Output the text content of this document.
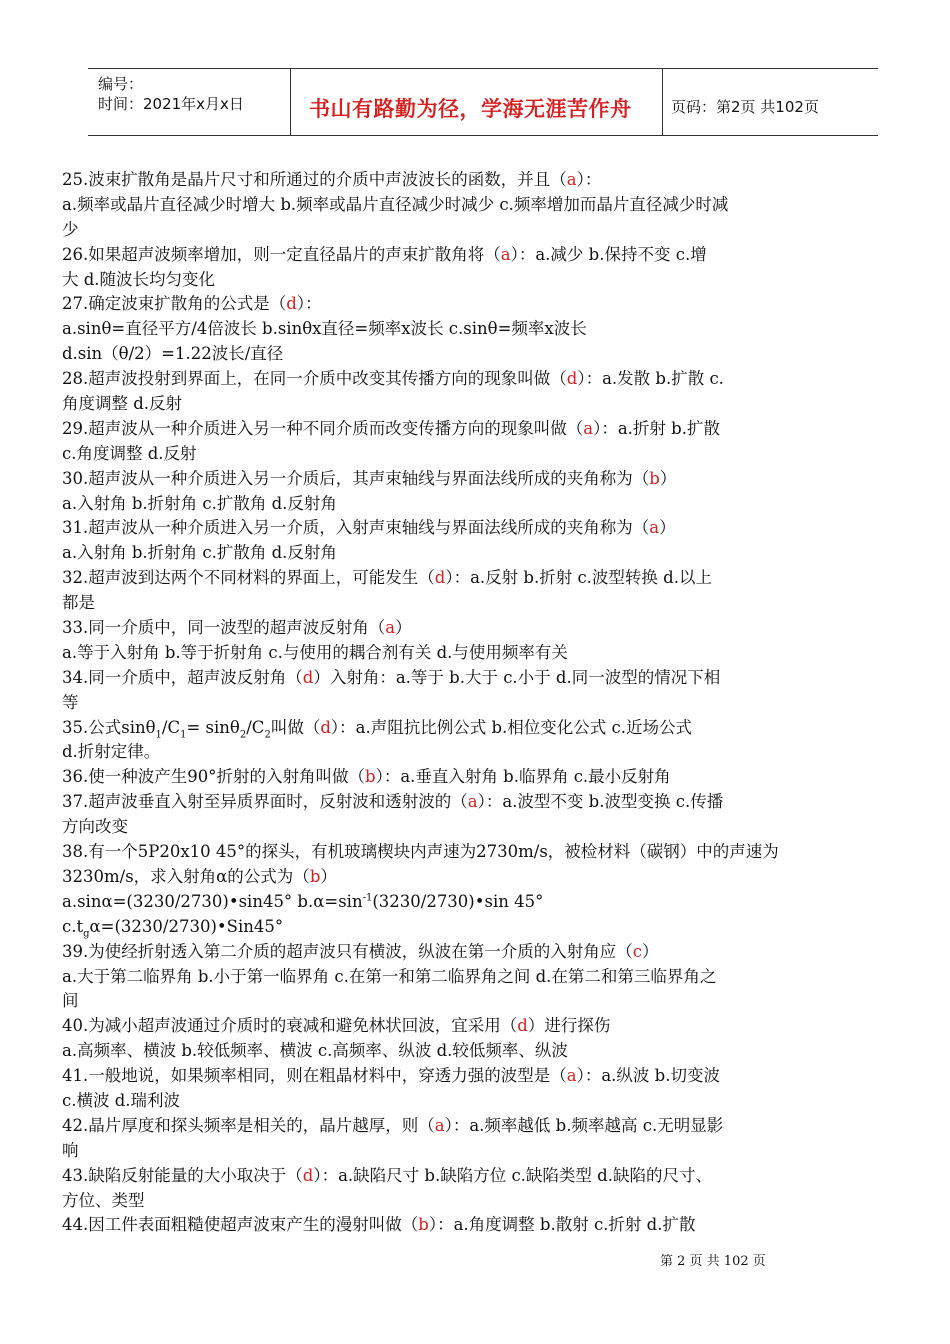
编号：
时间：2021年x月x日	书山有路勤为径，学海无涯苦作舟	页码：第2页 共102页
25.波束扩散角是晶片尺寸和所通过的介质中声波波长的函数，并且（a）：
a.频率或晶片直径减少时增大 b.频率或晶片直径减少时减少 c.频率增加而晶片直径减少时减
少
26.如果超声波频率增加，则一定直径晶片的声束扩散角将（a）：a.减少 b.保持不变 c.增
大 d.随波长均匀变化
27.确定波束扩散角的公式是（d）：
a.sinθ=直径平方/4倍波长 b.sinθx直径=频率x波长 c.sinθ=频率x波长
d.sin（θ/2）=1.22波长/直径
28.超声波投射到界面上，在同一介质中改变其传播方向的现象叫做（d）：a.发散 b.扩散 c.
角度调整 d.反射
29.超声波从一种介质进入另一种不同介质而改变传播方向的现象叫做（a）：a.折射 b.扩散
c.角度调整 d.反射
30.超声波从一种介质进入另一介质后，其声束轴线与界面法线所成的夹角称为（b）
a.入射角 b.折射角 c.扩散角 d.反射角
31.超声波从一种介质进入另一介质，入射声束轴线与界面法线所成的夹角称为（a）
a.入射角 b.折射角 c.扩散角 d.反射角
32.超声波到达两个不同材料的界面上，可能发生（d）：a.反射 b.折射 c.波型转换 d.以上
都是
33.同一介质中，同一波型的超声波反射角（a）
a.等于入射角 b.等于折射角 c.与使用的耦合剂有关 d.与使用频率有关
34.同一介质中，超声波反射角（d）入射角：a.等于 b.大于 c.小于 d.同一波型的情况下相
等
35.公式$\sin\theta_1/C_1= \sin\theta_2/C_2$叫做（d）：a.声阻抗比例公式 b.相位变化公式 c.近场公式
d.折射定律。
36.使一种波产生90°折射的入射角叫做（b）：a.垂直入射角 b.临界角 c.最小反射角
37.超声波垂直入射至异质界面时，反射波和透射波的（a）：a.波型不变 b.波型变换 c.传播
方向改变
38.有一个5P20x10 45°的探头，有机玻璃楔块内声速为2730m/s，被检材料（碳钢）中的声速为
3230m/s，求入射角α的公式为（b）
a.sinα=(3230/2730)•sin45° $b.\alpha=\sin^{-1}(3230/2730)•\sin$ 45°
$c.t_g\alpha=(3230/2730)•Sin45^\circ$
39.为使经折射透入第二介质的超声波只有横波，纵波在第一介质的入射角应（c）
a.大于第二临界角 b.小于第一临界角 c.在第一和第二临界角之间 d.在第二和第三临界角之
间
40.为减小超声波通过介质时的衰减和避免林状回波，宜采用（d）进行探伤
a.高频率、横波 b.较低频率、横波 c.高频率、纵波 d.较低频率、纵波
41.一般地说，如果频率相同，则在粗晶材料中，穿透力强的波型是（a）：a.纵波 b.切变波
c.横波 d.瑞利波
42.晶片厚度和探头频率是相关的，晶片越厚，则（a）：a.频率越低 b.频率越高 c.无明显影
响
43.缺陷反射能量的大小取决于（d）：a.缺陷尺寸 b.缺陷方位 c.缺陷类型 d.缺陷的尺寸、
方位、类型
44.因工件表面粗糙使超声波束产生的漫射叫做（b）：a.角度调整 b.散射 c.折射 d.扩散
第 2 页 共 102 页
